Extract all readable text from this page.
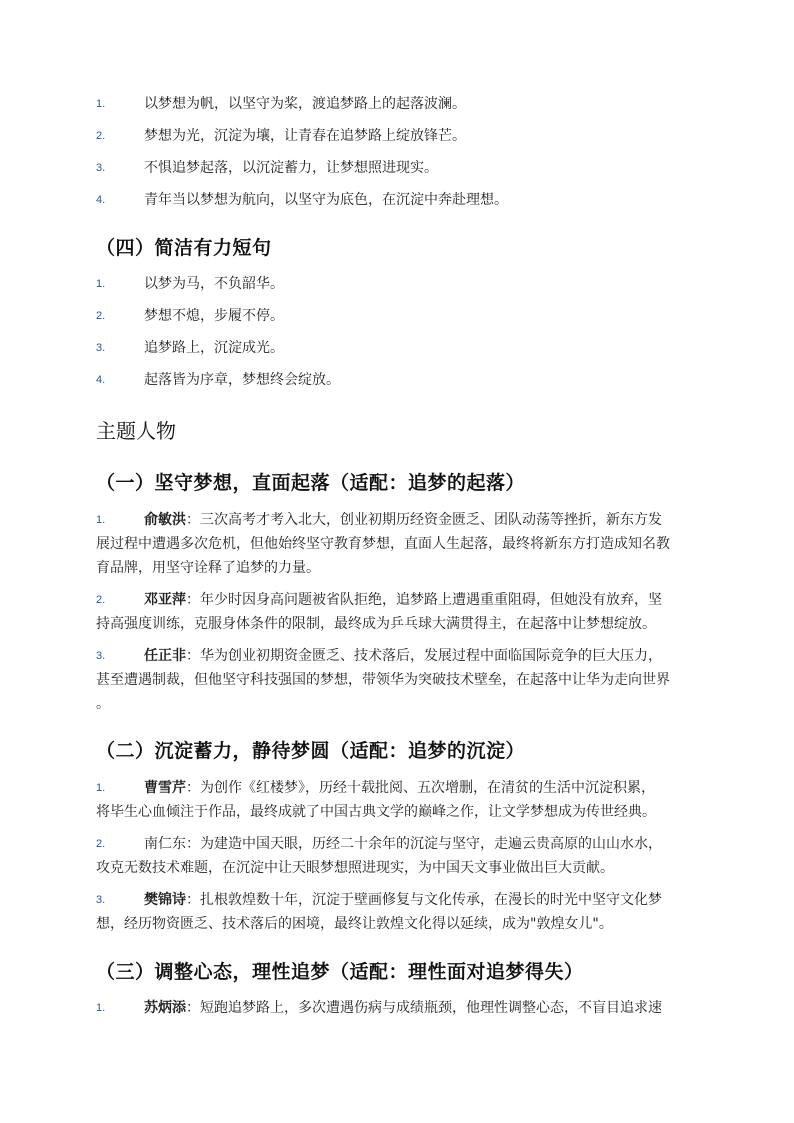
1.	以梦想为帆，以坚守为桨，渡追梦路上的起落波澜。
2.	梦想为光，沉淀为壤，让青春在追梦路上绽放锋芒。
3.	不惧追梦起落，以沉淀蓄力，让梦想照进现实。
4.	青年当以梦想为航向，以坚守为底色，在沉淀中奔赴理想。
（四）简洁有力短句
1.	以梦为马，不负韶华。
2.	梦想不熄，步履不停。
3.	追梦路上，沉淀成光。
4.	起落皆为序章，梦想终会绽放。
主题人物
（一）坚守梦想，直面起落（适配：追梦的起落）
1.	俞敏洪：三次高考才考入北大，创业初期历经资金匮乏、团队动荡等挫折，新东方发
展过程中遭遇多次危机，但他始终坚守教育梦想，直面人生起落，最终将新东方打造成知名教
育品牌，用坚守诠释了追梦的力量。
2.	邓亚萍：年少时因身高问题被省队拒绝，追梦路上遭遇重重阻碍，但她没有放弃，坚
持高强度训练，克服身体条件的限制，最终成为乒乓球大满贯得主，在起落中让梦想绽放。
3.	任正非：华为创业初期资金匮乏、技术落后，发展过程中面临国际竞争的巨大压力，
甚至遭遇制裁，但他坚守科技强国的梦想，带领华为突破技术壁垒，在起落中让华为走向世界
。
（二）沉淀蓄力，静待梦圆（适配：追梦的沉淀）
1.	曹雪芹：为创作《红楼梦》，历经十载批阅、五次增删，在清贫的生活中沉淀积累，
将毕生心血倾注于作品，最终成就了中国古典文学的巅峰之作，让文学梦想成为传世经典。
2.	南仁东：为建造中国天眼，历经二十余年的沉淀与坚守，走遍云贵高原的山山水水，
攻克无数技术难题，在沉淀中让天眼梦想照进现实，为中国天文事业做出巨大贡献。
3.	樊锦诗：扎根敦煌数十年，沉淀于壁画修复与文化传承，在漫长的时光中坚守文化梦
想，经历物资匮乏、技术落后的困境，最终让敦煌文化得以延续，成为"敦煌女儿"。
（三）调整心态，理性追梦（适配：理性面对追梦得失）
1.	苏炳添：短跑追梦路上，多次遭遇伤病与成绩瓶颈，他理性调整心态，不盲目追求速
